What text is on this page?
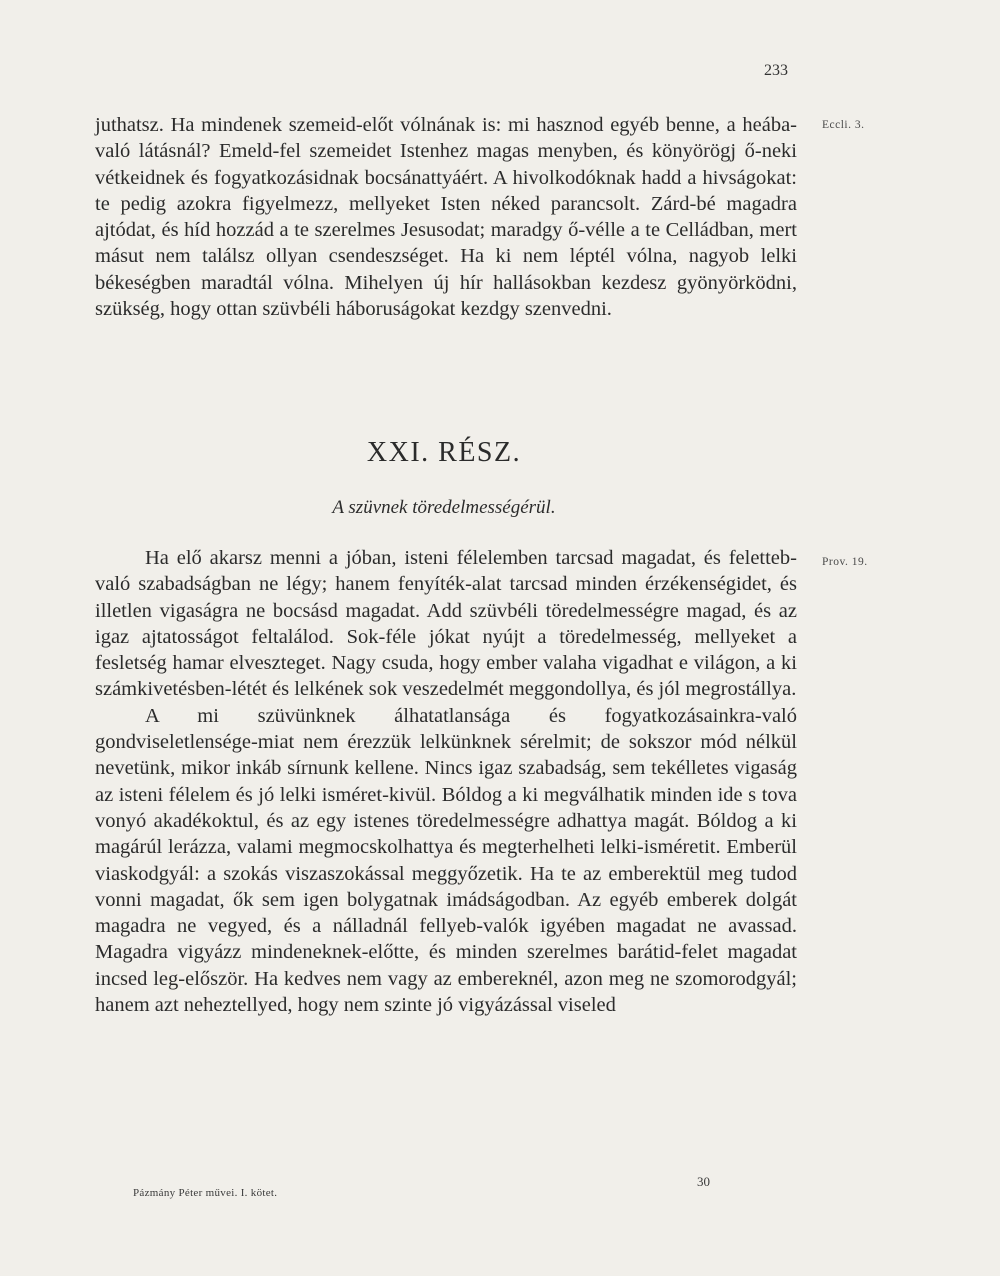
233
Eccli. 3.
Prov. 19.

juthatsz. Ha mindenek szemeid-előt vólnának is: mi hasznod egyéb benne, a heába-való látásnál? Emeld-fel szemeidet Istenhez magas menyben, és könyörögj ő-neki vétkeidnek és fogyatkozásidnak bocsánattyáért. A hivolkodóknak hadd a hivságokat: te pedig azokra figyelmezz, mellyeket Isten néked parancsolt. Zárd-bé magadra ajtódat, és híd hozzád a te szerelmes Jesusodat; maradgy ő-vélle a te Celládban, mert másut nem találsz ollyan csendeszséget. Ha ki nem léptél vólna, nagyob lelki békeségben maradtál vólna. Mihelyen új hír hallásokban kezdesz gyönyörködni, szükség, hogy ottan szüvbéli háboruságokat kezdgy szenvedni.

XXI. RÉSZ.
A szüvnek töredelmességérül.

Ha elő akarsz menni a jóban, isteni félelemben tarcsad magadat, és feletteb-való szabadságban ne légy; hanem fenyíték-alat tarcsad minden érzékenségidet, és illetlen vigaságra ne bocsásd magadat. Add szüvbéli töredelmességre magad, és az igaz ajtatosságot feltalálod. Sok-féle jókat nyújt a töredelmesség, mellyeket a fesletség hamar elveszteget. Nagy csuda, hogy ember valaha vigadhat e világon, a ki számkivetésben-létét és lelkének sok veszedelmét meggondollya, és jól megrostállya.

A mi szüvünknek álhatatlansága és fogyatkozásainkra-való gondviseletlensége-miat nem érezzük lelkünknek sérelmit; de sokszor mód nélkül nevetünk, mikor inkáb sírnunk kellene. Nincs igaz szabadság, sem tekélletes vigaság az isteni félelem és jó lelki isméret-kivül. Bóldog a ki megválhatik minden ide s tova vonyó akadékoktul, és az egy istenes töredelmességre adhattya magát. Bóldog a ki magárúl lerázza, valami megmocskolhattya és megterhelheti lelki-isméretit. Emberül viaskodgyál: a szokás viszaszokással meggyőzetik. Ha te az emberektül meg tudod vonni magadat, ők sem igen bolygatnak imádságodban. Az egyéb emberek dolgát magadra ne vegyed, és a nálladnál fellyeb-valók igyében magadat ne avassad. Magadra vigyázz mindeneknek-előtte, és minden szerelmes barátid-felet magadat incsed leg-először. Ha kedves nem vagy az embereknél, azon meg ne szomorodgyál; hanem azt neheztellyed, hogy nem szinte jó vigyázással viseled

Pázmány Péter művei. I. kötet.
30
